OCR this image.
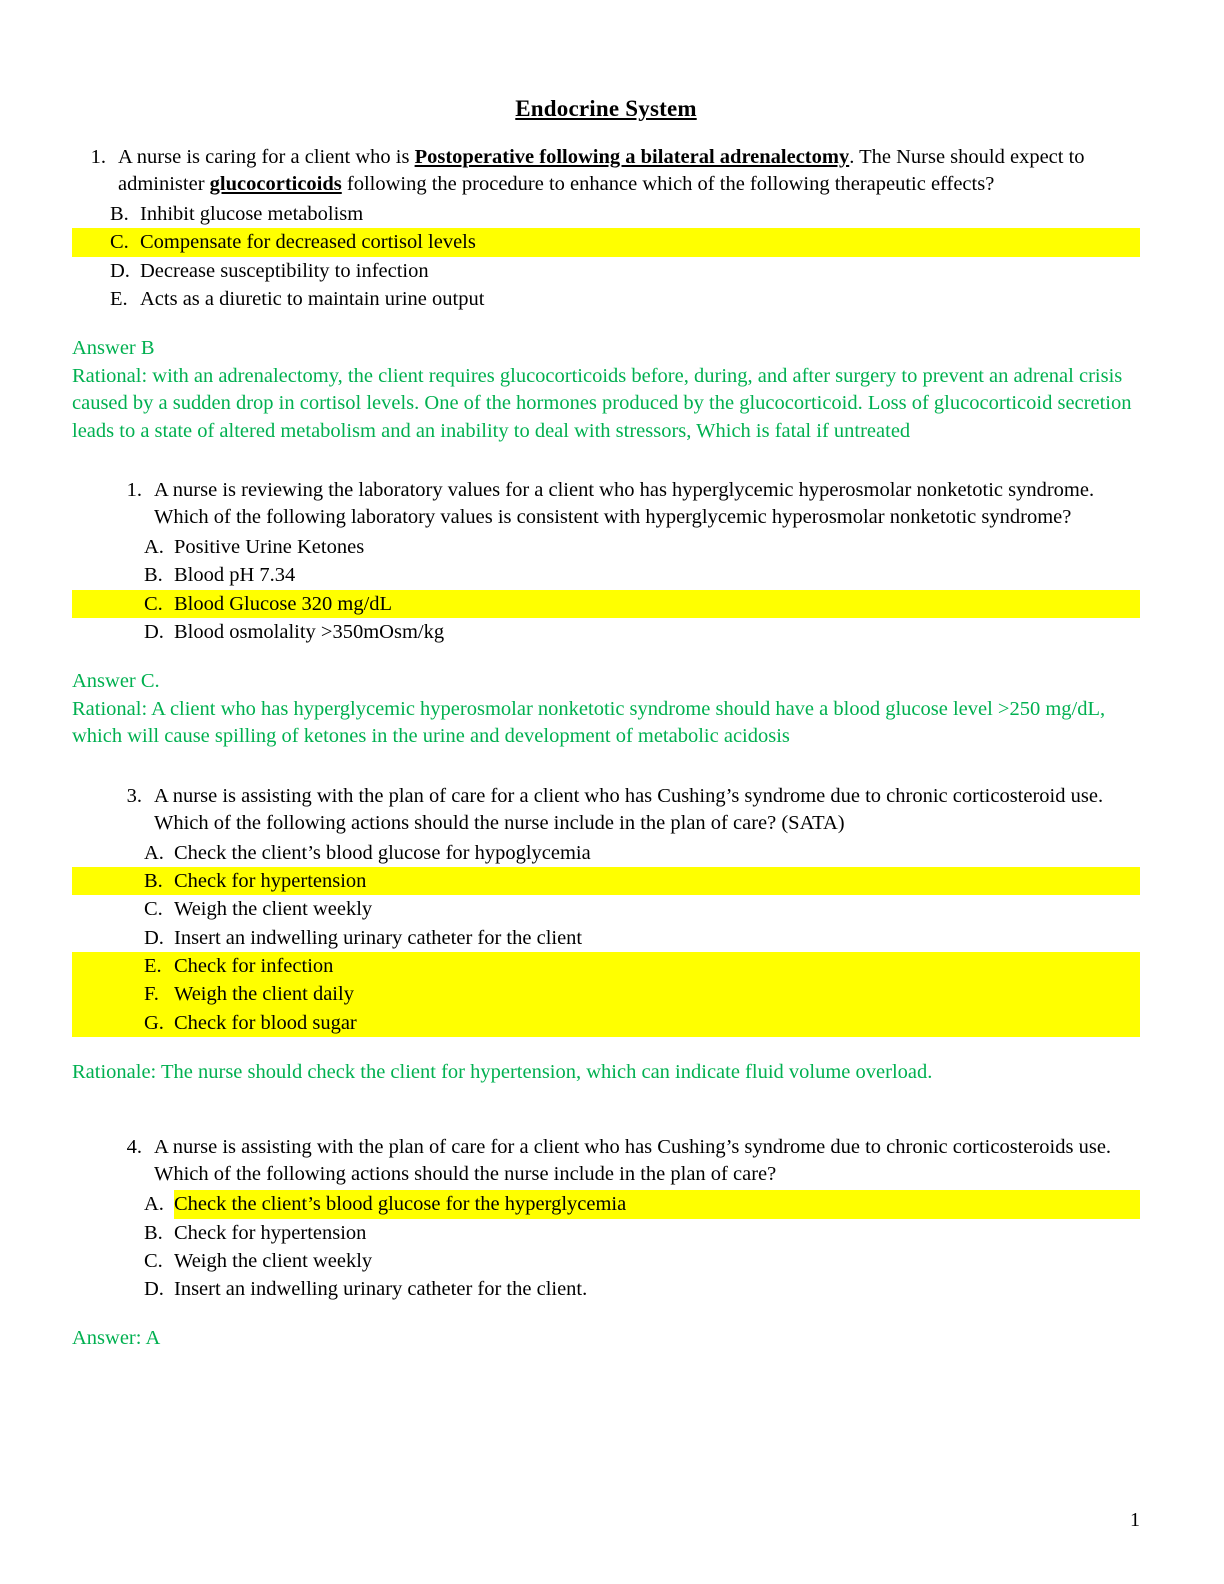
Endocrine System
1. A nurse is caring for a client who is Postoperative following a bilateral adrenalectomy. The Nurse should expect to administer glucocorticoids following the procedure to enhance which of the following therapeutic effects?
B. Inhibit glucose metabolism
C. Compensate for decreased cortisol levels
D. Decrease susceptibility to infection
E. Acts as a diuretic to maintain urine output
Answer B
Rational: with an adrenalectomy, the client requires glucocorticoids before, during, and after surgery to prevent an adrenal crisis caused by a sudden drop in cortisol levels. One of the hormones produced by the glucocorticoid. Loss of glucocorticoid secretion leads to a state of altered metabolism and an inability to deal with stressors, Which is fatal if untreated
1. A nurse is reviewing the laboratory values for a client who has hyperglycemic hyperosmolar nonketotic syndrome. Which of the following laboratory values is consistent with hyperglycemic hyperosmolar nonketotic syndrome?
A. Positive Urine Ketones
B. Blood pH 7.34
C. Blood Glucose 320 mg/dL
D. Blood osmolality >350mOsm/kg
Answer C.
Rational: A client who has hyperglycemic hyperosmolar nonketotic syndrome should have a blood glucose level >250 mg/dL, which will cause spilling of ketones in the urine and development of metabolic acidosis
3. A nurse is assisting with the plan of care for a client who has Cushing’s syndrome due to chronic corticosteroid use. Which of the following actions should the nurse include in the plan of care? (SATA)
A. Check the client’s blood glucose for hypoglycemia
B. Check for hypertension
C. Weigh the client weekly
D. Insert an indwelling urinary catheter for the client
E. Check for infection
F. Weigh the client daily
G. Check for blood sugar
Rationale: The nurse should check the client for hypertension, which can indicate fluid volume overload.
4. A nurse is assisting with the plan of care for a client who has Cushing’s syndrome due to chronic corticosteroids use. Which of the following actions should the nurse include in the plan of care?
A. Check the client’s blood glucose for the hyperglycemia
B. Check for hypertension
C. Weigh the client weekly
D. Insert an indwelling urinary catheter for the client.
Answer: A
1
